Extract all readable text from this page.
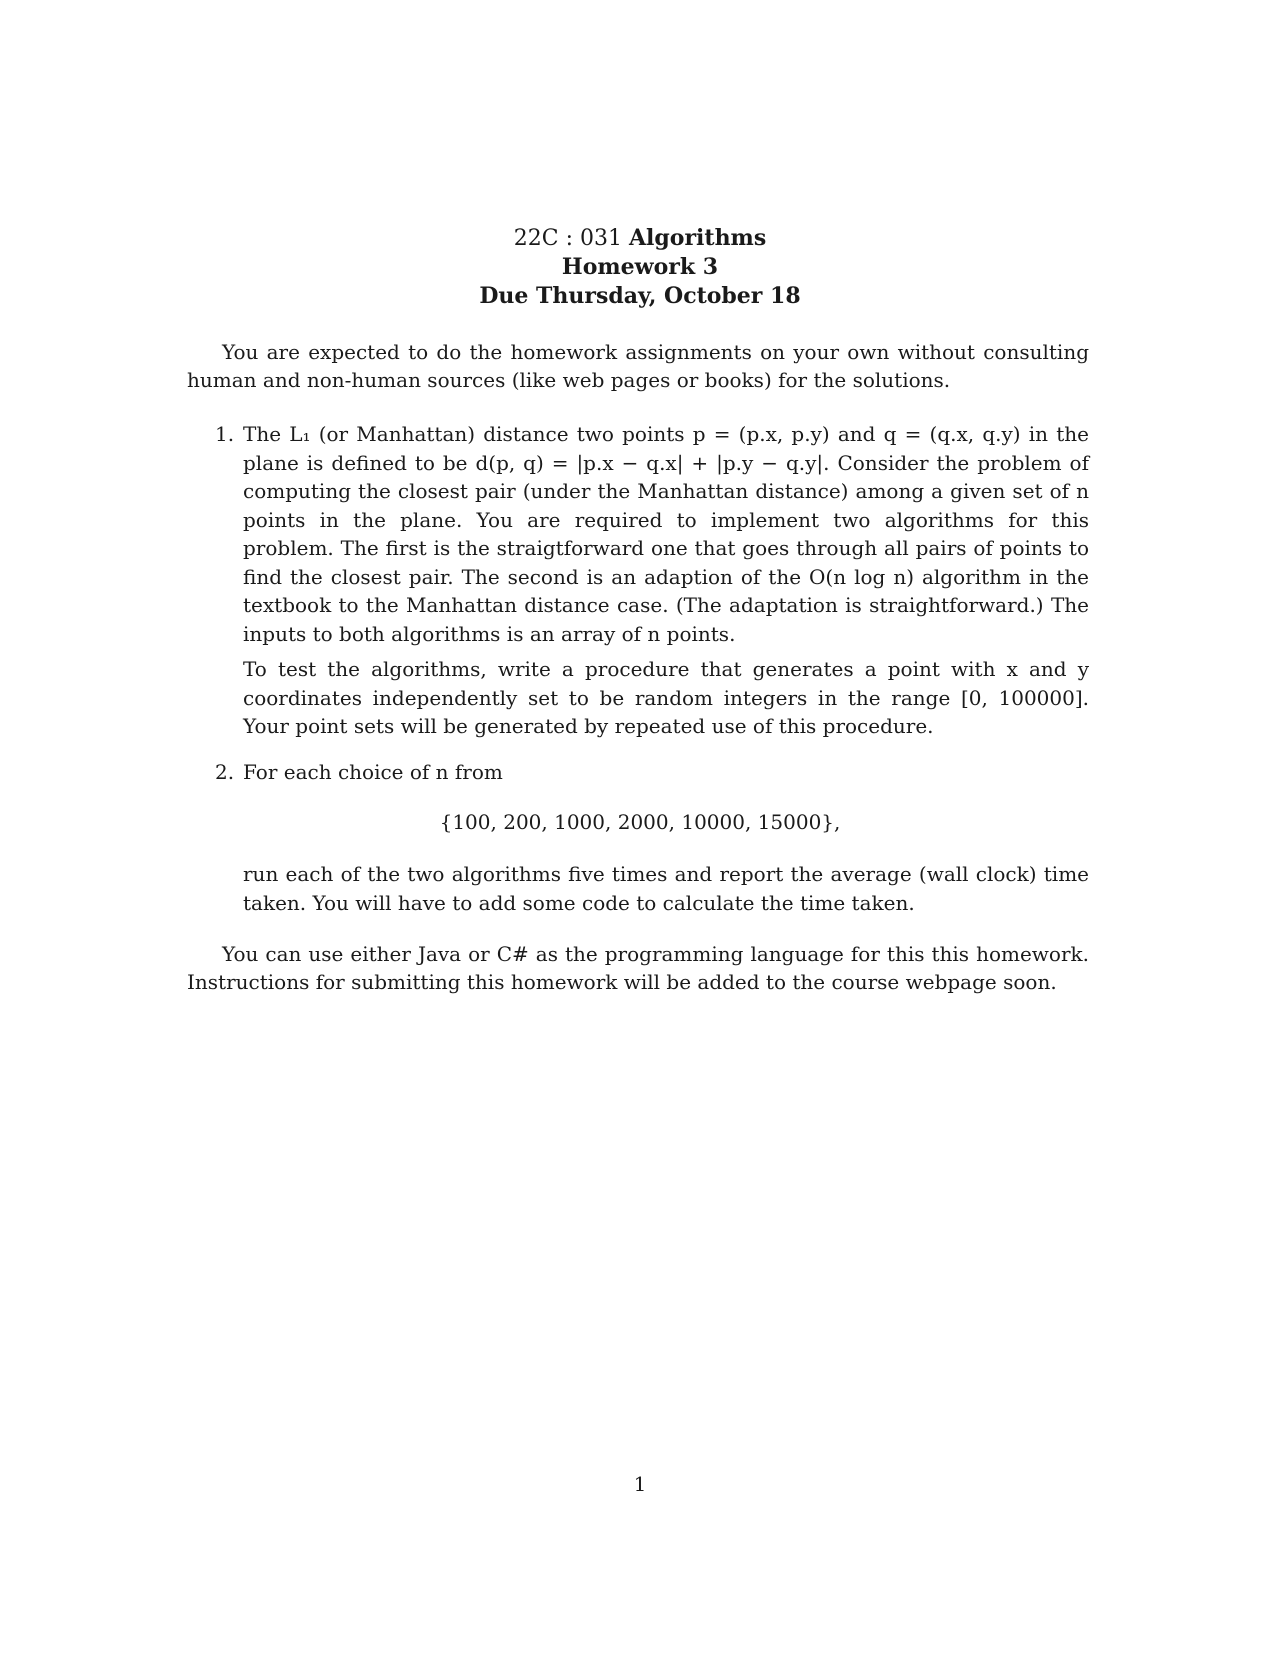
22C : 031 Algorithms
Homework 3
Due Thursday, October 18
You are expected to do the homework assignments on your own without consulting human and non-human sources (like web pages or books) for the solutions.
1. The L₁ (or Manhattan) distance two points p = (p.x, p.y) and q = (q.x, q.y) in the plane is defined to be d(p, q) = |p.x − q.x| + |p.y − q.y|. Consider the problem of computing the closest pair (under the Manhattan distance) among a given set of n points in the plane. You are required to implement two algorithms for this problem. The first is the straigtforward one that goes through all pairs of points to find the closest pair. The second is an adaption of the O(n log n) algorithm in the textbook to the Manhattan distance case. (The adaptation is straightforward.) The inputs to both algorithms is an array of n points.
To test the algorithms, write a procedure that generates a point with x and y coordinates independently set to be random integers in the range [0, 100000]. Your point sets will be generated by repeated use of this procedure.
2. For each choice of n from
{100, 200, 1000, 2000, 10000, 15000},
run each of the two algorithms five times and report the average (wall clock) time taken. You will have to add some code to calculate the time taken.
You can use either Java or C# as the programming language for this this homework. Instructions for submitting this homework will be added to the course webpage soon.
1
